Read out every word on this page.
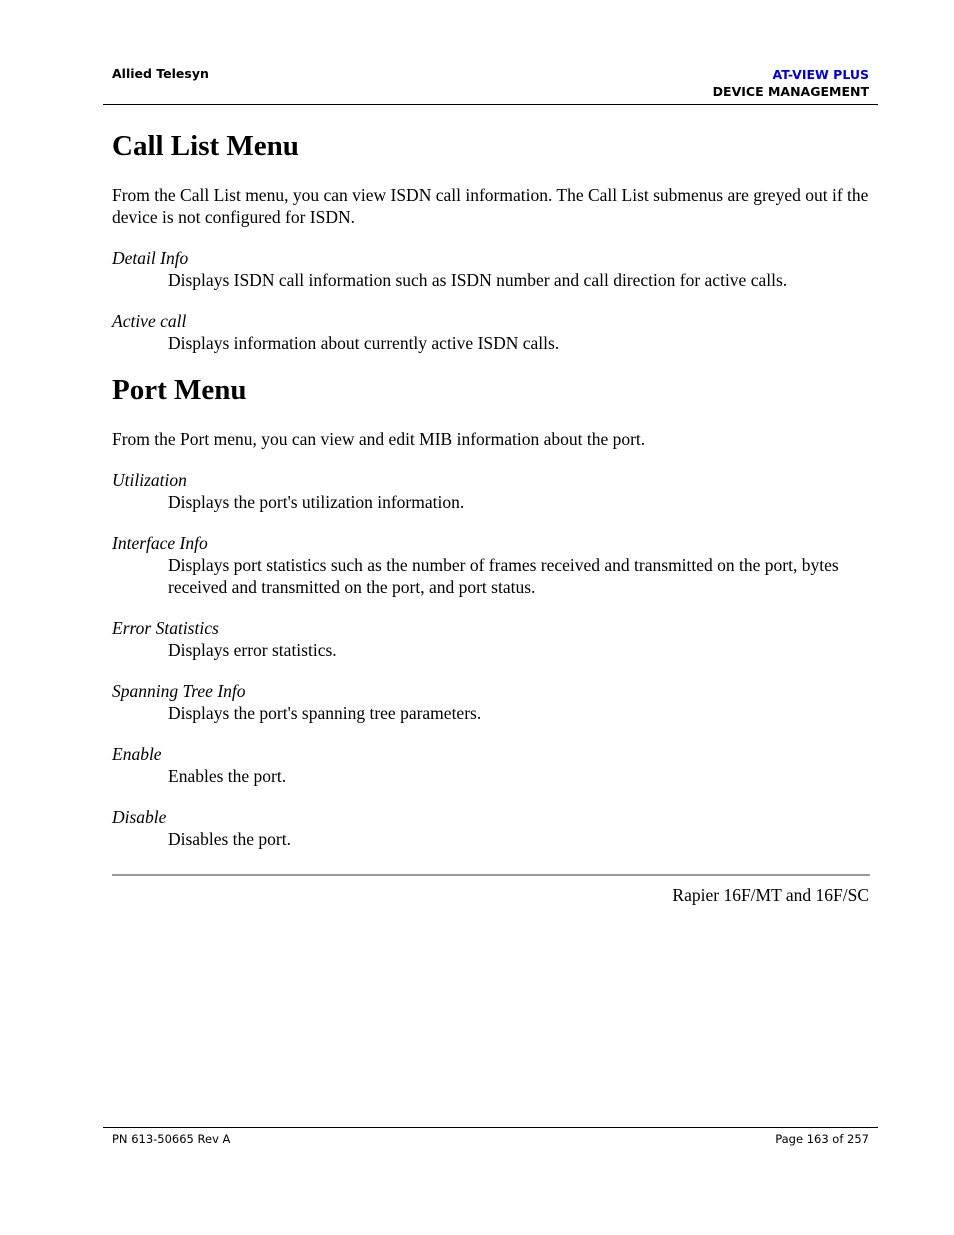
Allied Telesyn	AT-VIEW PLUS
DEVICE MANAGEMENT
Call List Menu

From the Call List menu, you can view ISDN call information. The Call List submenus are greyed out if the device is not configured for ISDN.

Detail Info

Displays ISDN call information such as ISDN number and call direction for active calls.

Active call

Displays information about currently active ISDN calls.

Port Menu

From the Port menu, you can view and edit MIB information about the port.

Utilization

Displays the port's utilization information.

Interface Info

Displays port statistics such as the number of frames received and transmitted on the port, bytes received and transmitted on the port, and port status.

Error Statistics

Displays error statistics.

Spanning Tree Info

Displays the port's spanning tree parameters.

Enable

Enables the port.

Disable

Disables the port.

Rapier 16F/MT and 16F/SC
PN 613-50665 Rev A	Page 163 of 257
